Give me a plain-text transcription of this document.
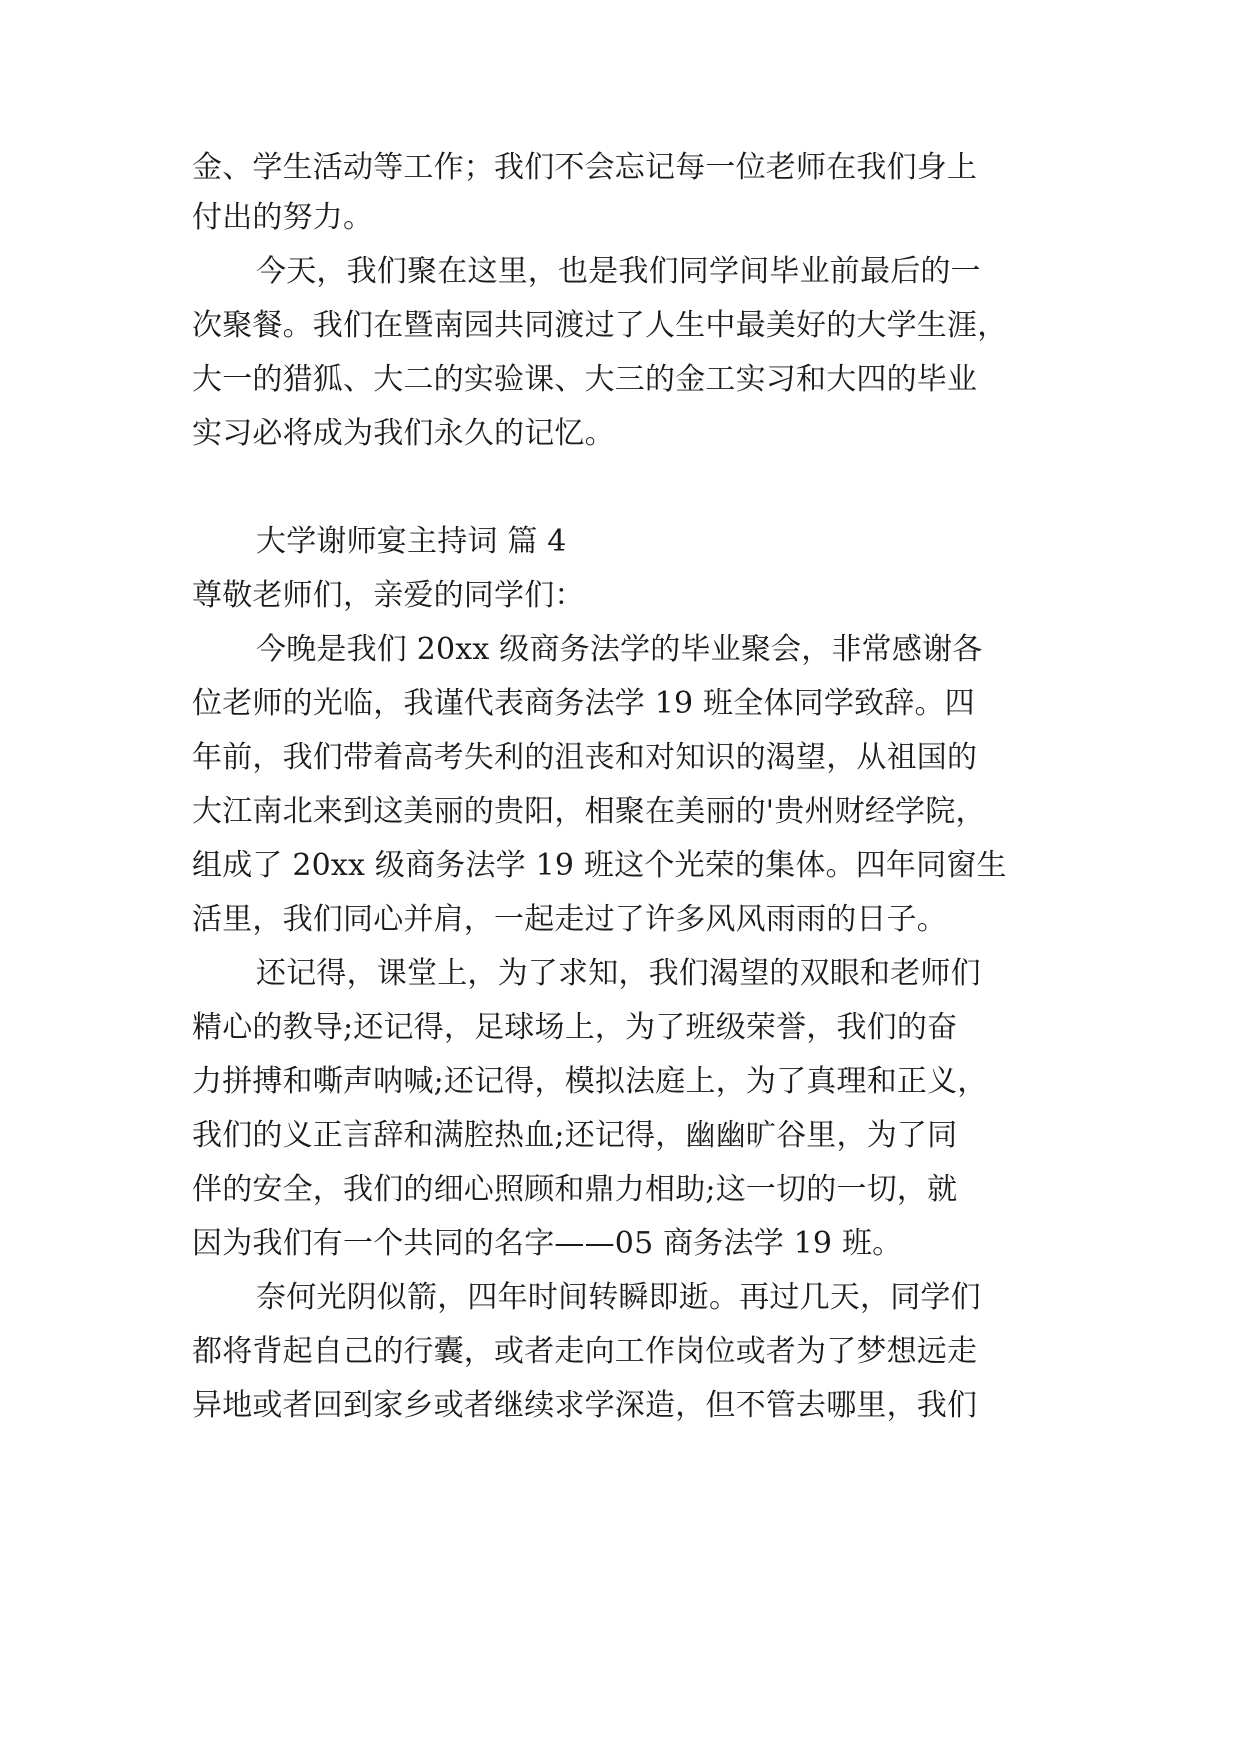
金、学生活动等工作；我们不会忘记每一位老师在我们身上
付出的努力。
今天，我们聚在这里，也是我们同学间毕业前最后的一
次聚餐。我们在暨南园共同渡过了人生中最美好的大学生涯，
大一的猎狐、大二的实验课、大三的金工实习和大四的毕业
实习必将成为我们永久的记忆。
大学谢师宴主持词 篇 4
尊敬老师们，亲爱的同学们：
今晚是我们 20xx 级商务法学的毕业聚会，非常感谢各
位老师的光临，我谨代表商务法学 19 班全体同学致辞。四
年前，我们带着高考失利的沮丧和对知识的渴望，从祖国的
大江南北来到这美丽的贵阳，相聚在美丽的'贵州财经学院，
组成了 20xx 级商务法学 19 班这个光荣的集体。四年同窗生
活里，我们同心并肩，一起走过了许多风风雨雨的日子。
还记得，课堂上，为了求知，我们渴望的双眼和老师们
精心的教导;还记得，足球场上，为了班级荣誉，我们的奋
力拼搏和嘶声呐喊;还记得，模拟法庭上，为了真理和正义，
我们的义正言辞和满腔热血;还记得，幽幽旷谷里，为了同
伴的安全，我们的细心照顾和鼎力相助;这一切的一切，就
因为我们有一个共同的名字——05 商务法学 19 班。
奈何光阴似箭，四年时间转瞬即逝。再过几天，同学们
都将背起自己的行囊，或者走向工作岗位或者为了梦想远走
异地或者回到家乡或者继续求学深造，但不管去哪里，我们
